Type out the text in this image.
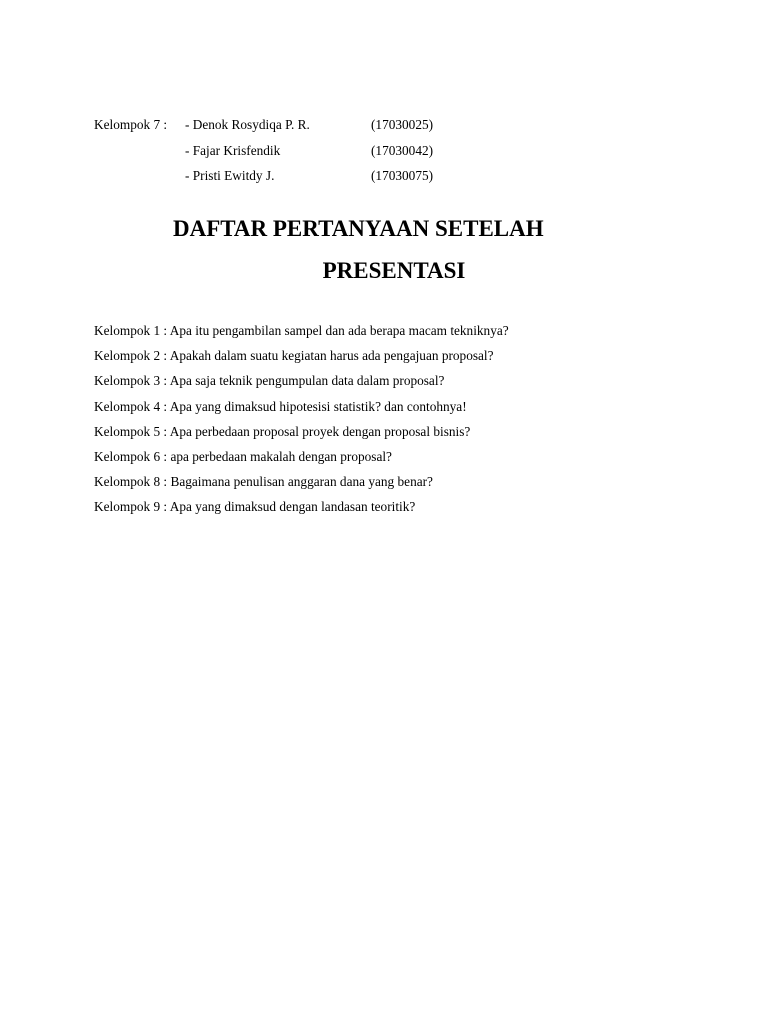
Kelompok 7 : - Denok Rosydiqa P. R.	(17030025)
- Fajar Krisfendik	(17030042)
- Pristi Ewitdy J.	(17030075)
DAFTAR PERTANYAAN SETELAH
PRESENTASI
Kelompok 1 : Apa itu pengambilan sampel dan ada berapa macam tekniknya?
Kelompok 2 : Apakah dalam suatu kegiatan harus ada pengajuan proposal?
Kelompok 3 : Apa saja teknik pengumpulan data dalam proposal?
Kelompok 4 : Apa yang dimaksud hipotesisi statistik? dan contohnya!
Kelompok 5 : Apa perbedaan proposal proyek dengan proposal bisnis?
Kelompok 6 : apa perbedaan makalah dengan proposal?
Kelompok 8 : Bagaimana penulisan anggaran dana yang benar?
Kelompok 9 : Apa yang dimaksud dengan landasan teoritik?
